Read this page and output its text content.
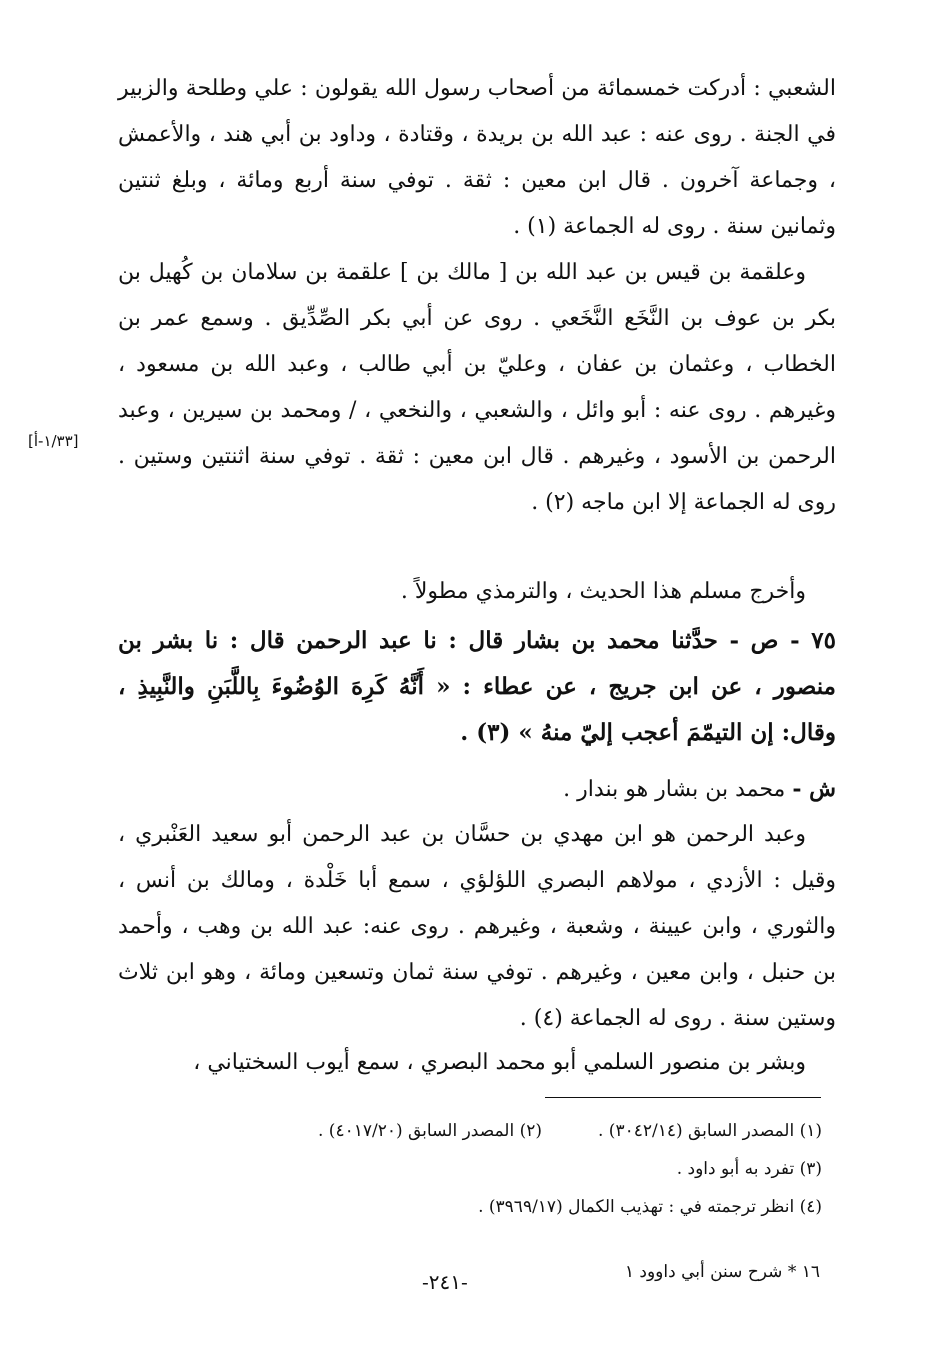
الشعبي : أدركت خمسمائة من أصحاب رسول الله يقولون : علي وطلحة والزبير في الجنة . روى عنه : عبد الله بن بريدة ، وقتادة ، وداود بن أبي هند ، والأعمش ، وجماعة آخرون . قال ابن معين : ثقة . توفي سنة أربع ومائة ، وبلغ ثنتين وثمانين سنة . روى له الجماعة (١) .

وعلقمة بن قيس بن عبد الله بن [ مالك بن ] علقمة بن سلامان بن كُهيل بن بكر بن عوف بن النَّخَع النَّخَعي . روى عن أبي بكر الصِّدِّيق . وسمع عمر بن الخطاب ، وعثمان بن عفان ، وعليّ بن أبي طالب ، وعبد الله بن مسعود ، وغيرهم . روى عنه : أبو وائل ، والشعبي ، والنخعي ، / ومحمد بن سيرين ، وعبد الرحمن بن الأسود ، وغيرهم . قال ابن معين : ثقة . توفي سنة اثنتين وستين . روى له الجماعة إلا ابن ماجه (٢) .

[١/٣٣-أ]

وأخرج مسلم هذا الحديث ، والترمذي مطولاً .

٧٥ - ص - حدَّثنا محمد بن بشار قال : نا عبد الرحمن قال : نا بشر بن منصور ، عن ابن جريج ، عن عطاء : « أَنَّهُ كَرِهَ الوُضُوءَ بِاللَّبَنِ والنَّبِيذِ ، وقال: إن التيمّمَ أعجب إليّ منهُ » (٣) .

ش - محمد بن بشار هو بندار .

وعبد الرحمن هو ابن مهدي بن حسَّان بن عبد الرحمن أبو سعيد العَنْبري ، وقيل : الأزدي ، مولاهم البصري اللؤلؤي ، سمع أبا خَلْدة ، ومالك بن أنس ، والثوري ، وابن عيينة ، وشعبة ، وغيرهم . روى عنه: عبد الله بن وهب ، وأحمد بن حنبل ، وابن معين ، وغيرهم . توفي سنة ثمان وتسعين ومائة ، وهو ابن ثلاث وستين سنة . روى له الجماعة (٤) .

وبشر بن منصور السلمي أبو محمد البصري ، سمع أيوب السختياني ،

(١) المصدر السابق (٣٠٤٢/١٤) .
(٢) المصدر السابق (٤٠١٧/٢٠) .
(٣) تفرد به أبو داود .
(٤) انظر ترجمته في : تهذيب الكمال (٣٩٦٩/١٧) .
١٦ * شرح سنن أبي داوود ١
-٢٤١-
